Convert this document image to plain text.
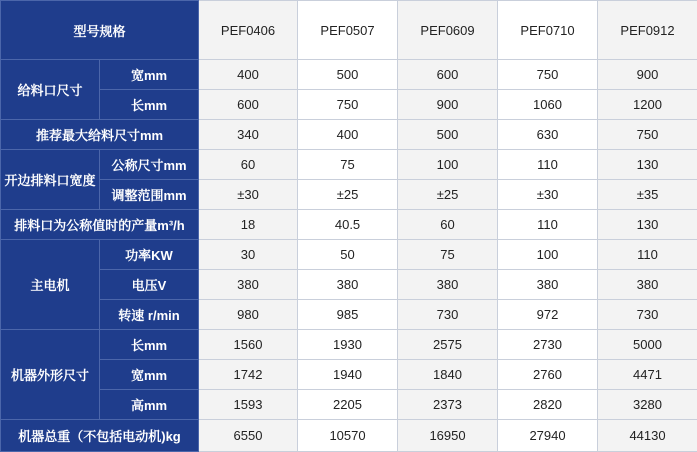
型号规格		PEF0406	PEF0507	PEF0609	PEF0710	PEF0912
给料口尺寸	宽mm	400	500	600	750	900
	长mm	600	750	900	1060	1200
推荐最大给料尺寸mm		340	400	500	630	750
开边排料口宽度	公称尺寸mm	60	75	100	110	130
	调整范围mm	±30	±25	±25	±30	±35
排料口为公称值时的产量m³/h		18	40.5	60	110	130
主电机	功率KW	30	50	75	100	110
	电压V	380	380	380	380	380
	转速 r/min	980	985	730	972	730
机器外形尺寸	长mm	1560	1930	2575	2730	5000
	宽mm	1742	1940	1840	2760	4471
	高mm	1593	2205	2373	2820	3280
机器总重（不包括电动机)kg		6550	10570	16950	27940	44130
